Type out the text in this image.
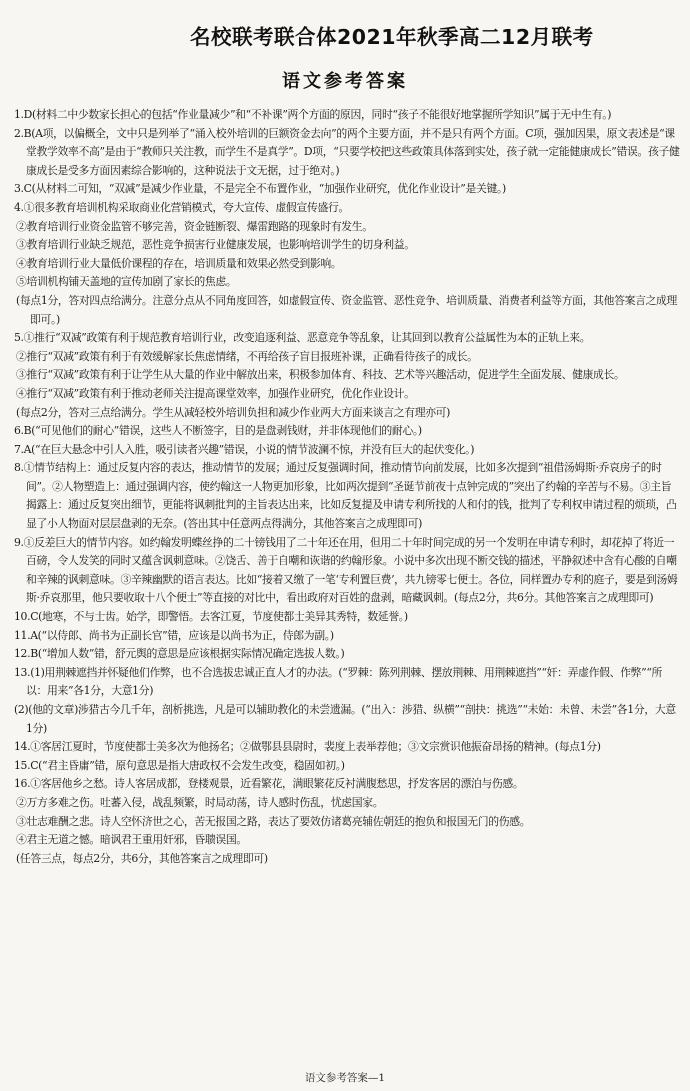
名校联考联合体2021年秋季高二12月联考
语文参考答案
1.D(材料二中少数家长担心的包括“作业量减少”和“不补课”两个方面的原因，同时“孩子不能很好地掌握所学知识”属于无中生有。)
2.B(A项，以偏概全，文中只是列举了“涌入校外培训的巨额资金去向”的两个主要方面，并不是只有两个方面。C项，强加因果，原文表述是“课堂教学效率不高”是由于“教师只关注教，而学生不是真学”。D项，“只要学校把这些政策具体落到实处，孩子就一定能健康成长”错误。孩子健康成长是受多方面因素综合影响的，这种说法于文无据，过于绝对。)
3.C(从材料二可知，“双减”是减少作业量，不是完全不布置作业，“加强作业研究，优化作业设计”是关键。)
4.①很多教育培训机构采取商业化营销模式，夸大宣传、虚假宣传盛行。
②教育培训行业资金监管不够完善，资金链断裂、爆雷跑路的现象时有发生。
③教育培训行业缺乏规范，恶性竞争损害行业健康发展，也影响培训学生的切身利益。
④教育培训行业大量低价课程的存在，培训质量和效果必然受到影响。
⑤培训机构铺天盖地的宣传加剧了家长的焦虑。
(每点1分，答对四点给满分。注意分点从不同角度回答，如虚假宣传、资金监管、恶性竞争、培训质量、消费者利益等方面，其他答案言之成理即可。)
5.①推行“双减”政策有利于规范教育培训行业，改变追逐利益、恶意竞争等乱象，让其回到以教育公益属性为本的正轨上来。
②推行“双减”政策有利于有效缓解家长焦虑情绪，不再给孩子盲目报班补课，正确看待孩子的成长。
③推行“双减”政策有利于让学生从大量的作业中解放出来，积极参加体育、科技、艺术等兴趣活动，促进学生全面发展、健康成长。
④推行“双减”政策有利于推动老师关注提高课堂效率，加强作业研究，优化作业设计。
(每点2分，答对三点给满分。学生从减轻校外培训负担和减少作业两大方面来谈言之有理亦可)
6.B(“可见他们的耐心”错误，这些人不断签字，目的是盘剥钱财，并非体现他们的耐心。)
7.A(“在巨大悬念中引人入胜，吸引读者兴趣”错误，小说的情节波澜不惊，并没有巨大的起伏变化。)
8.①情节结构上：通过反复内容的表达，推动情节的发展；通过反复强调时间，推动情节向前发展，比如多次提到“祖借汤姆斯·乔哀房子的时间”。②人物塑造上：通过强调内容，使约翰这一人物更加形象，比如两次提到“圣诞节前夜十点钟完成的”突出了约翰的辛苦与不易。③主旨揭露上：通过反复突出细节，更能将讽刺批判的主旨表达出来，比如反复提及申请专利所找的人和付的钱，批判了专利权申请过程的烦琐，凸显了小人物面对层层盘剥的无奈。(答出其中任意两点得满分，其他答案言之成理即可)
9.①反差巨大的情节内容。如约翰发明蝶丝挣的二十镑钱用了二十年还在用，但用二十年时间完成的另一个发明在申请专利时，却花掉了将近一百磅，令人发笑的同时又蕴含讽刺意味。②饶舌、善于自嘲和诙谐的约翰形象。小说中多次出现不断交钱的描述，平静叙述中含有心酸的自嘲和辛辣的讽刺意味。③辛辣幽默的语言表达。比如“接着又缴了一笔‘专利置巨费’，共九镑零七便士。各位，同样置办专利的庭子，要是到汤姆斯·乔哀那里，他只要收取十八个便士”等直接的对比中，看出政府对百姓的盘剥，暗藏讽刺。(每点2分，共6分。其他答案言之成理即可)
10.C(地寒，不与士齿。始学，即警悟。去客江夏，节度使都士美异其秀特，数延誉。)
11.A(“以侍郎、尚书为正副长官”错，应该是以尚书为正，侍郎为副。)
12.B(“增加人数”错，舒元舆的意思是应该根据实际情况确定选拔人数。)
13.(1)用荆棘遮挡并怀疑他们作弊，也不合选拔忠诚正直人才的办法。(“罗棘：陈列荆棘、摆放荆棘、用荆棘遮挡”“奸：弄虚作假、作弊”“所以：用来”各1分，大意1分)
(2)(他的文章)涉猎古今几千年，剖析挑选，凡是可以辅助教化的未尝遗漏。(“出入：涉猎、纵横”“剖抉：挑选”“未始：未曾、未尝”各1分，大意1分)
14.①客居江夏时，节度使都士美多次为他扬名；②做鄂县县尉时，裴度上表举荐他；③文宗赏识他振奋昂扬的精神。(每点1分)
15.C(“君主昏庸”错，原句意思是指大唐政权不会发生改变，稳固如初。)
16.①客居他乡之愁。诗人客居成都，登楼观景，近看繁花，满眼繁花反衬满腹愁思，抒发客居的漂泊与伤感。
②万方多难之伤。吐蕃入侵，战乱频繁，时局动荡，诗人感时伤乱，忧虑国家。
③壮志难酬之悲。诗人空怀济世之心，苦无报国之路，表达了要效仿诸葛亮辅佐朝廷的抱负和报国无门的伤感。
④君主无道之憾。暗讽君王重用奸邪，昏聩误国。
(任答三点，每点2分，共6分，其他答案言之成理即可)
语文参考答案—1
